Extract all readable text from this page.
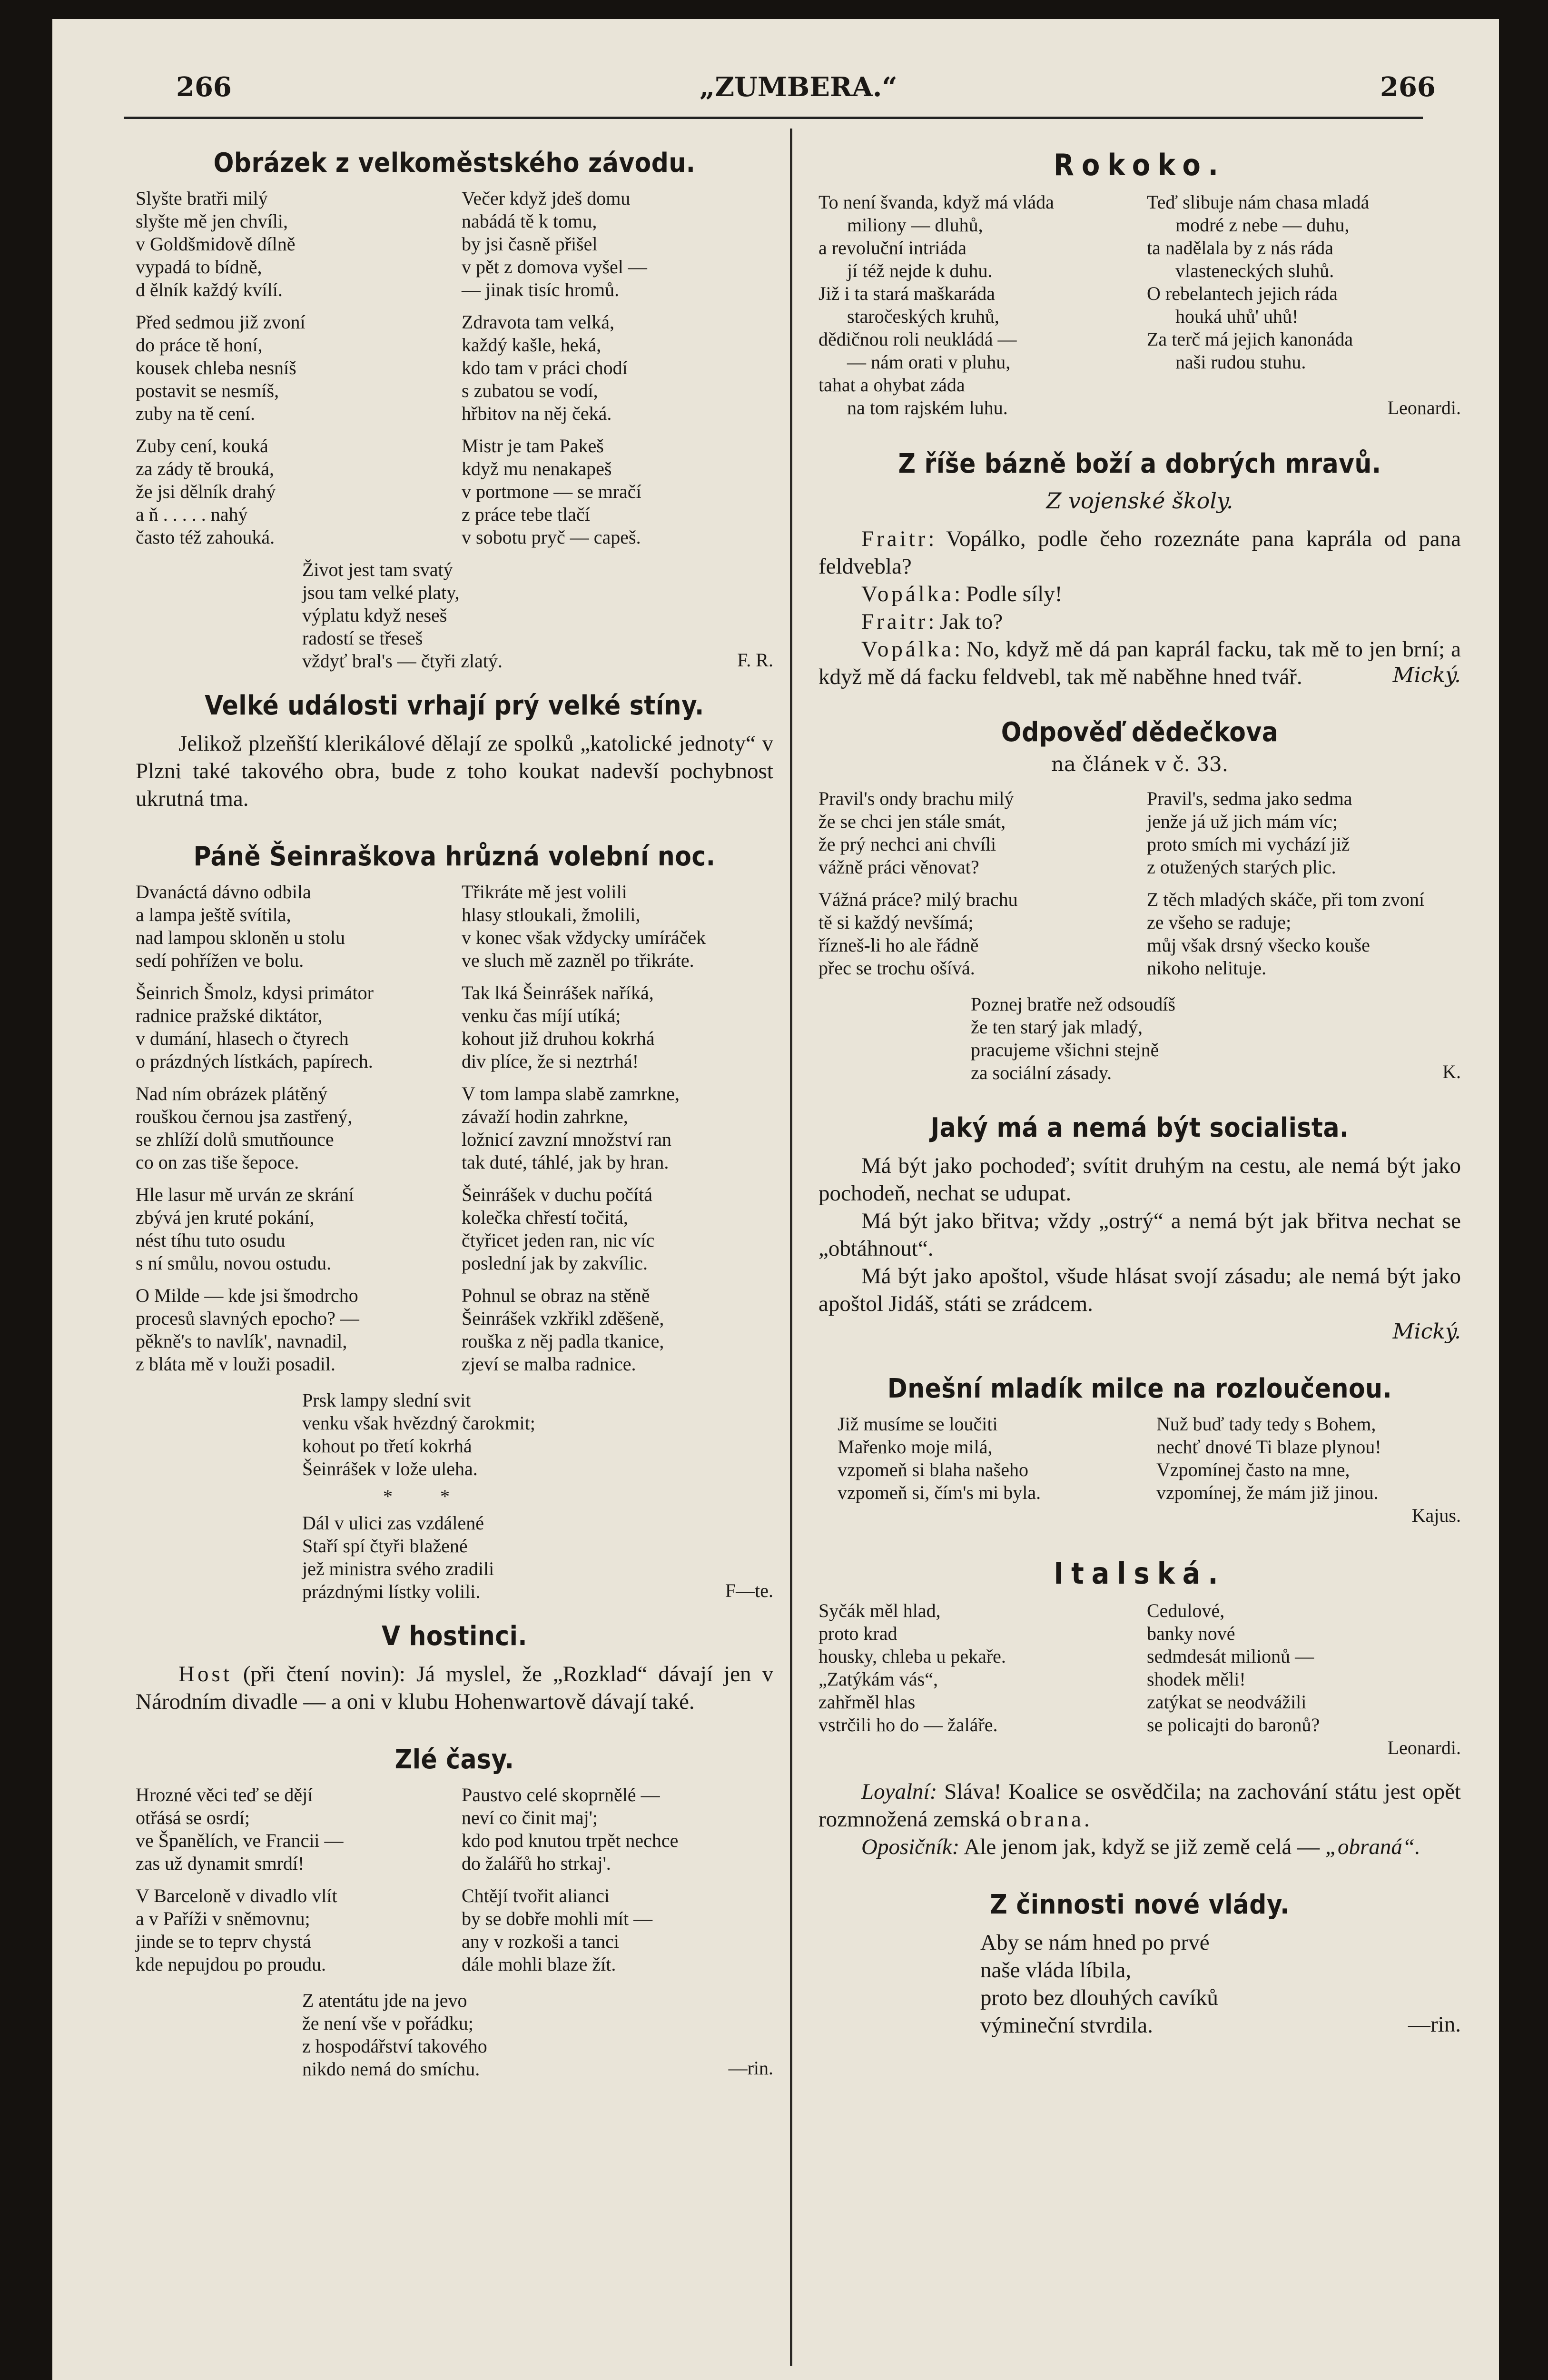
266	„ZUMBERA.“	266
Obrázek z velkoměstského závodu.
Slyšte bratři milý
slyšte mě jen chvíli,
v Goldšmidově dílně
vypadá to bídně,
d ělník každý kvílí.
Před sedmou již zvoní
do práce tě honí,
kousek chleba nesníš
postavit se nesmíš,
zuby na tě cení.
Zuby cení, kouká
za zády tě brouká,
že jsi dělník drahý
a ň . . . . . nahý
často též zahouká.
Večer když jdeš domu
nabádá tě k tomu,
by jsi časně přišel
v pět z domova vyšel —
— jinak tisíc hromů.
Zdravota tam velká,
každý kašle, heká,
kdo tam v práci chodí
s zubatou se vodí,
hřbitov na něj čeká.
Mistr je tam Pakeš
když mu nenakapeš
v portmone — se mračí
z práce tebe tlačí
v sobotu pryč — capeš.
Život jest tam svatý
jsou tam velké platy,
výplatu když neseš
radostí se třeseš
vždyť bral's — čtyři zlatý.	F. R.
Velké události vrhají prý velké stíny.

Jelikož plzeňští klerikálové dělají ze spolků „katolické jednoty“ v Plzni také takového obra, bude z toho koukat nadevší pochybnost ukrutná tma.

Páně Šeinraškova hrůzná volební noc.
Dvanáctá dávno odbila
a lampa ještě svítila,
nad lampou skloněn u stolu
sedí pohřížen ve bolu.
Šeinrich Šmolz, kdysi primátor
radnice pražské diktátor,
v dumání, hlasech o čtyrech
o prázdných lístkách, papírech.
Nad ním obrázek plátěný
rouškou černou jsa zastřený,
se zhlíží dolů smutňounce
co on zas tiše šepoce.
Hle lasur mě urván ze skrání
zbývá jen kruté pokání,
nést tíhu tuto osudu
s ní smůlu, novou ostudu.
O Milde — kde jsi šmodrcho
procesů slavných epocho? —
pěkně's to navlík', navnadil,
z bláta mě v louži posadil.
Třikráte mě jest volili
hlasy stloukali, žmolili,
v konec však vždycky umíráček
ve sluch mě zazněl po třikráte.
Tak lká Šeinrášek naříká,
venku čas míjí utíká;
kohout již druhou kokrhá
div plíce, že si neztrhá!
V tom lampa slabě zamrkne,
závaží hodin zahrkne,
ložnicí zavzní množství ran
tak duté, táhlé, jak by hran.
Šeinrášek v duchu počítá
kolečka chřestí točitá,
čtyřicet jeden ran, nic víc
poslední jak by zakvílic.
Pohnul se obraz na stěně
Šeinrášek vzkřikl zděšeně,
rouška z něj padla tkanice,
zjeví se malba radnice.
Prsk lampy slední svit
venku však hvězdný čarokmit;
kohout po třetí kokrhá
Šeinrášek v lože uleha.
*          *
Dál v ulici zas vzdálené
Staří spí čtyři blažené
jež ministra svého zradili
prázdnými lístky volili.	F—te.
V hostinci.

Host (při čtení novin): Já myslel, že „Rozklad“ dávají jen v Národním divadle — a oni v klubu Hohenwartově dávají také.

Zlé časy.
Hrozné věci teď se dějí
otřásá se osrdí;
ve Španělích, ve Francii —
zas už dynamit smrdí!
V Barceloně v divadlo vlít
a v Paříži v sněmovnu;
jinde se to teprv chystá
kde nepujdou po proudu.
Paustvo celé skoprnělé —
neví co činit maj';
kdo pod knutou trpět nechce
do žalářů ho strkaj'.
Chtějí tvořit alianci
by se dobře mohli mít —
any v rozkoši a tanci
dále mohli blaze žít.
Z atentátu jde na jevo
že není vše v pořádku;
z hospodářství takového
nikdo nemá do smíchu.	—rin.
Rokoko.
To není švanda, když má vláda
miliony — dluhů,
a revoluční intriáda
jí též nejde k duhu.
Již i ta stará maškaráda
staročeských kruhů,
dědičnou roli neukládá —
— nám orati v pluhu,
tahat a ohybat záda
na tom rajském luhu.
Teď slibuje nám chasa mladá
modré z nebe — duhu,
ta nadělala by z nás ráda
vlasteneckých sluhů.
O rebelantech jejich ráda
houká uhů' uhů!
Za terč má jejich kanonáda
naši rudou stuhu.
Leonardi.
Z říše bázně boží a dobrých mravů.
Z vojenské školy.

Fraitr: Vopálko, podle čeho rozeznáte pana kaprála od pana feldvebla?

Vopálka: Podle síly!

Fraitr: Jak to?

Vopálka: No, když mě dá pan kaprál facku, tak mě to jen brní; a když mě dá facku feldvebl, tak mě naběhne hned tvář.	Mický.
Odpověď dědečkova
na článek v č. 33.
Pravil's ondy brachu milý
že se chci jen stále smát,
že prý nechci ani chvíli
vážně práci věnovat?
Vážná práce? milý brachu
tě si každý nevšímá;
řízneš-li ho ale řádně
přec se trochu ošívá.
Pravil's, sedma jako sedma
jenže já už jich mám víc;
proto smích mi vychází již
z otužených starých plic.
Z těch mladých skáče, při tom zvoní
ze všeho se raduje;
můj však drsný všecko kouše
nikoho nelituje.
Poznej bratře než odsoudíš
že ten starý jak mladý,
pracujeme všichni stejně
za sociální zásady.	K.
Jaký má a nemá být socialista.

Má být jako pochodeď; svítit druhým na cestu, ale nemá být jako pochodeň, nechat se udupat.

Má být jako břitva; vždy „ostrý“ a nemá být jak břitva nechat se „obtáhnout“.

Má být jako apoštol, všude hlásat svojí zásadu; ale nemá být jako apoštol Jidáš, státi se zrádcem.

Mický.
Dnešní mladík milce na rozloučenou.
Již musíme se loučiti
Mařenko moje milá,
vzpomeň si blaha našeho
vzpomeň si, čím's mi byla.
Nuž buď tady tedy s Bohem,
nechť dnové Ti blaze plynou!
Vzpomínej často na mne,
vzpomínej, že mám již jinou.
Kajus.
Italská.
Syčák měl hlad,
proto krad
housky, chleba u pekaře.
„Zatýkám vás“,
zahřměl hlas
vstrčili ho do — žaláře.
Cedulové,
banky nové
sedmdesát milionů —
shodek měli!
zatýkat se neodvážili
se policajti do baronů?
Leonardi.

Loyalní: Sláva! Koalice se osvědčila; na zachování státu jest opět rozmnožená zemská obrana.

Oposičník: Ale jenom jak, když se již země celá — „obraná“.

Z činnosti nové vlády.
Aby se nám hned po prvé
naše vláda líbila,
proto bez dlouhých cavíků
výmineční stvrdila.	—rin.
